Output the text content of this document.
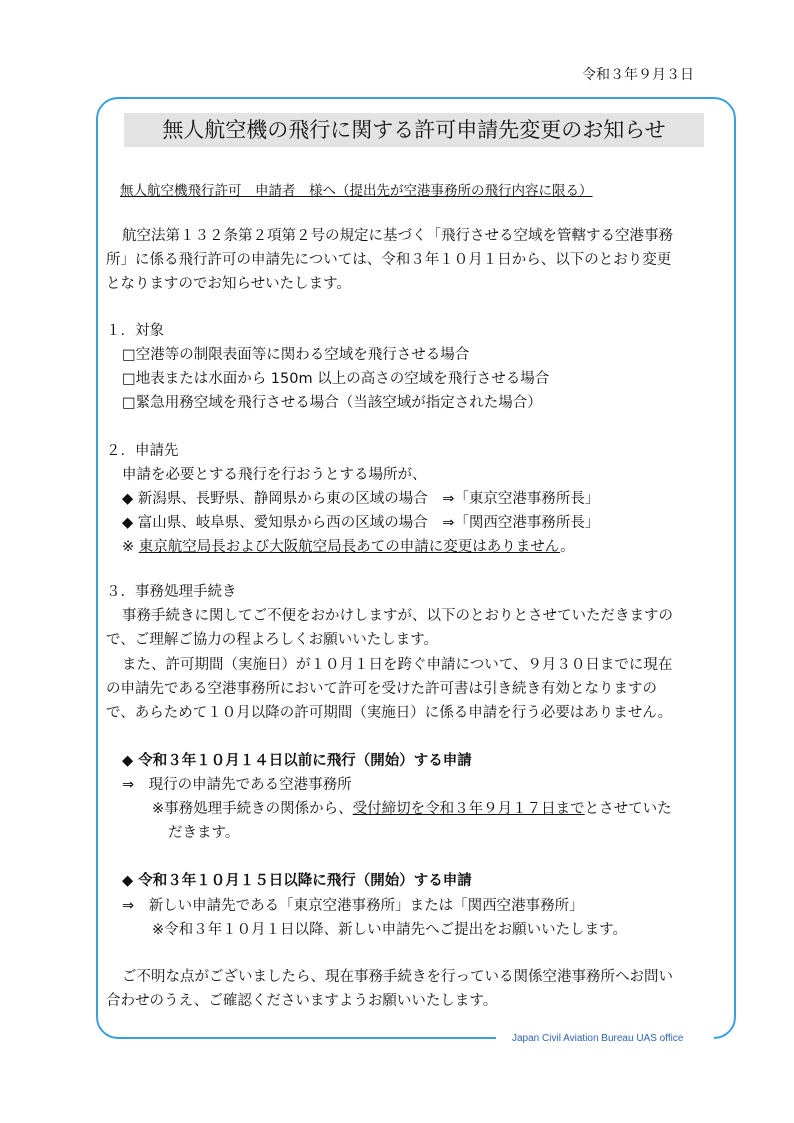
令和３年９月３日
Japan Civil Aviation Bureau UAS office
無人航空機の飛行に関する許可申請先変更のお知らせ
無人航空機飛行許可　申請者　様へ（提出先が空港事務所の飛行内容に限る）
航空法第１３２条第２項第２号の規定に基づく「飛行させる空域を管轄する空港事務
所」に係る飛行許可の申請先については、令和３年１０月１日から、以下のとおり変更
となりますのでお知らせいたします。
１．対象
□空港等の制限表面等に関わる空域を飛行させる場合
□地表または水面から 150m 以上の高さの空域を飛行させる場合
□緊急用務空域を飛行させる場合（当該空域が指定された場合）
２．申請先
申請を必要とする飛行を行おうとする場所が、
◆ 新潟県、長野県、静岡県から東の区域の場合　⇒「東京空港事務所長」
◆ 富山県、岐阜県、愛知県から西の区域の場合　⇒「関西空港事務所長」
※ 東京航空局長および大阪航空局長あての申請に変更はありません。
３．事務処理手続き
事務手続きに関してご不便をおかけしますが、以下のとおりとさせていただきますの
で、ご理解ご協力の程よろしくお願いいたします。
また、許可期間（実施日）が１０月１日を跨ぐ申請について、９月３０日までに現在
の申請先である空港事務所において許可を受けた許可書は引き続き有効となりますの
で、あらためて１０月以降の許可期間（実施日）に係る申請を行う必要はありません。
◆ 令和３年１０月１４日以前に飛行（開始）する申請
⇒　現行の申請先である空港事務所
※事務処理手続きの関係から、受付締切を令和３年９月１７日までとさせていた
だきます。
◆ 令和３年１０月１５日以降に飛行（開始）する申請
⇒　新しい申請先である「東京空港事務所」または「関西空港事務所」
※令和３年１０月１日以降、新しい申請先へご提出をお願いいたします。
ご不明な点がございましたら、現在事務手続きを行っている関係空港事務所へお問い
合わせのうえ、ご確認くださいますようお願いいたします。
